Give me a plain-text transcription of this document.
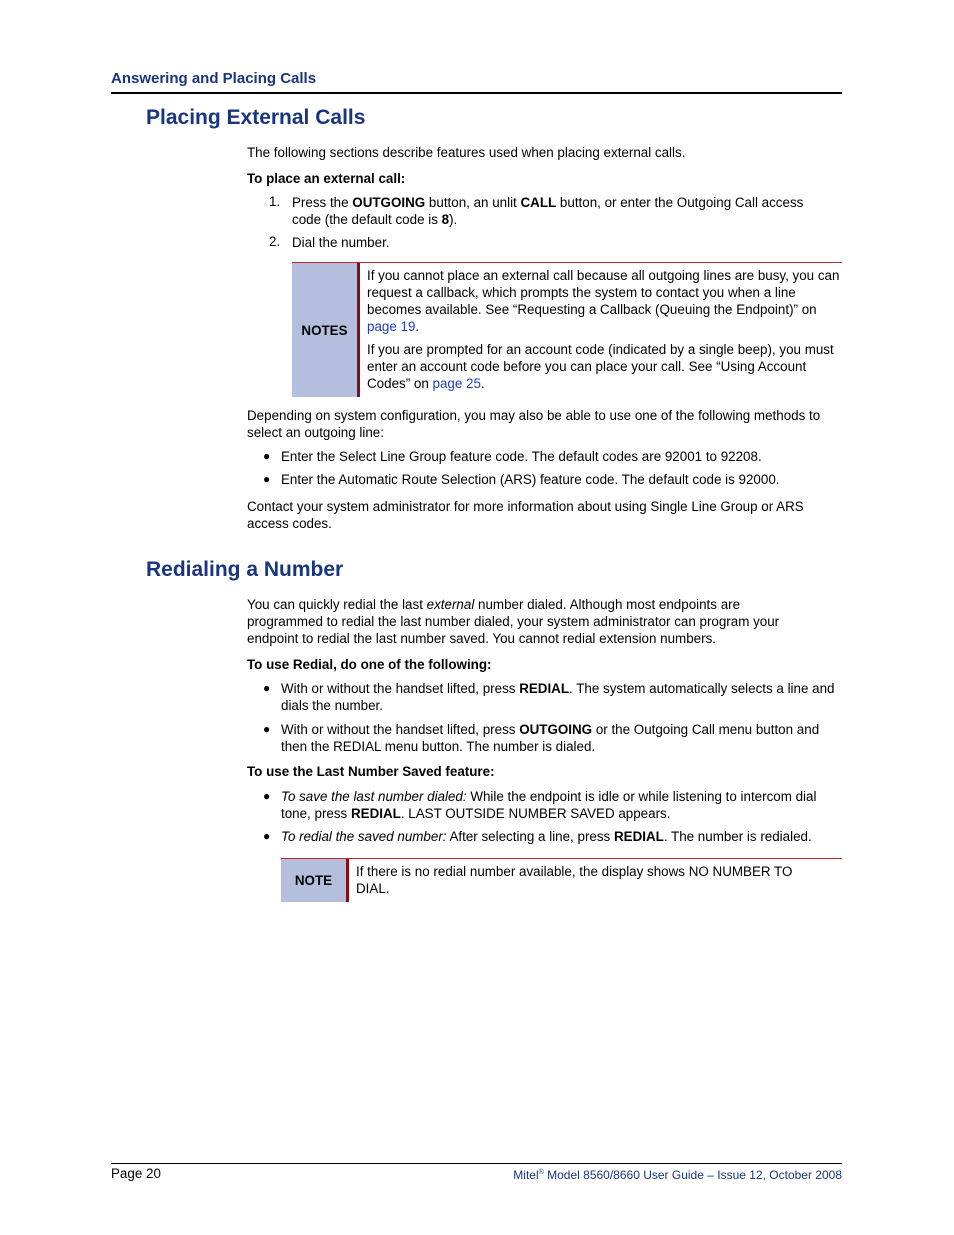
Answering and Placing Calls
Placing External Calls
The following sections describe features used when placing external calls.
To place an external call:
1. Press the OUTGOING button, an unlit CALL button, or enter the Outgoing Call access
code (the default code is 8).
2. Dial the number.
NOTES
If you cannot place an external call because all outgoing lines are busy, you can request a callback, which prompts the system to contact you when a line becomes available. See “Requesting a Callback (Queuing the Endpoint)” on page 19.
If you are prompted for an account code (indicated by a single beep), you must enter an account code before you can place your call. See “Using Account Codes” on page 25.
Depending on system configuration, you may also be able to use one of the following methods to select an outgoing line:
● Enter the Select Line Group feature code. The default codes are 92001 to 92208.
● Enter the Automatic Route Selection (ARS) feature code. The default code is 92000.
Contact your system administrator for more information about using Single Line Group or ARS access codes.
Redialing a Number
You can quickly redial the last external number dialed. Although most endpoints are programmed to redial the last number dialed, your system administrator can program your endpoint to redial the last number saved. You cannot redial extension numbers.
To use Redial, do one of the following:
● With or without the handset lifted, press REDIAL. The system automatically selects a line and dials the number.
● With or without the handset lifted, press OUTGOING or the Outgoing Call menu button and then the REDIAL menu button. The number is dialed.
To use the Last Number Saved feature:
● To save the last number dialed: While the endpoint is idle or while listening to intercom dial tone, press REDIAL. LAST OUTSIDE NUMBER SAVED appears.
● To redial the saved number: After selecting a line, press REDIAL. The number is redialed.
NOTE
If there is no redial number available, the display shows NO NUMBER TO DIAL.
Page 20	Mitel® Model 8560/8660 User Guide – Issue 12, October 2008
